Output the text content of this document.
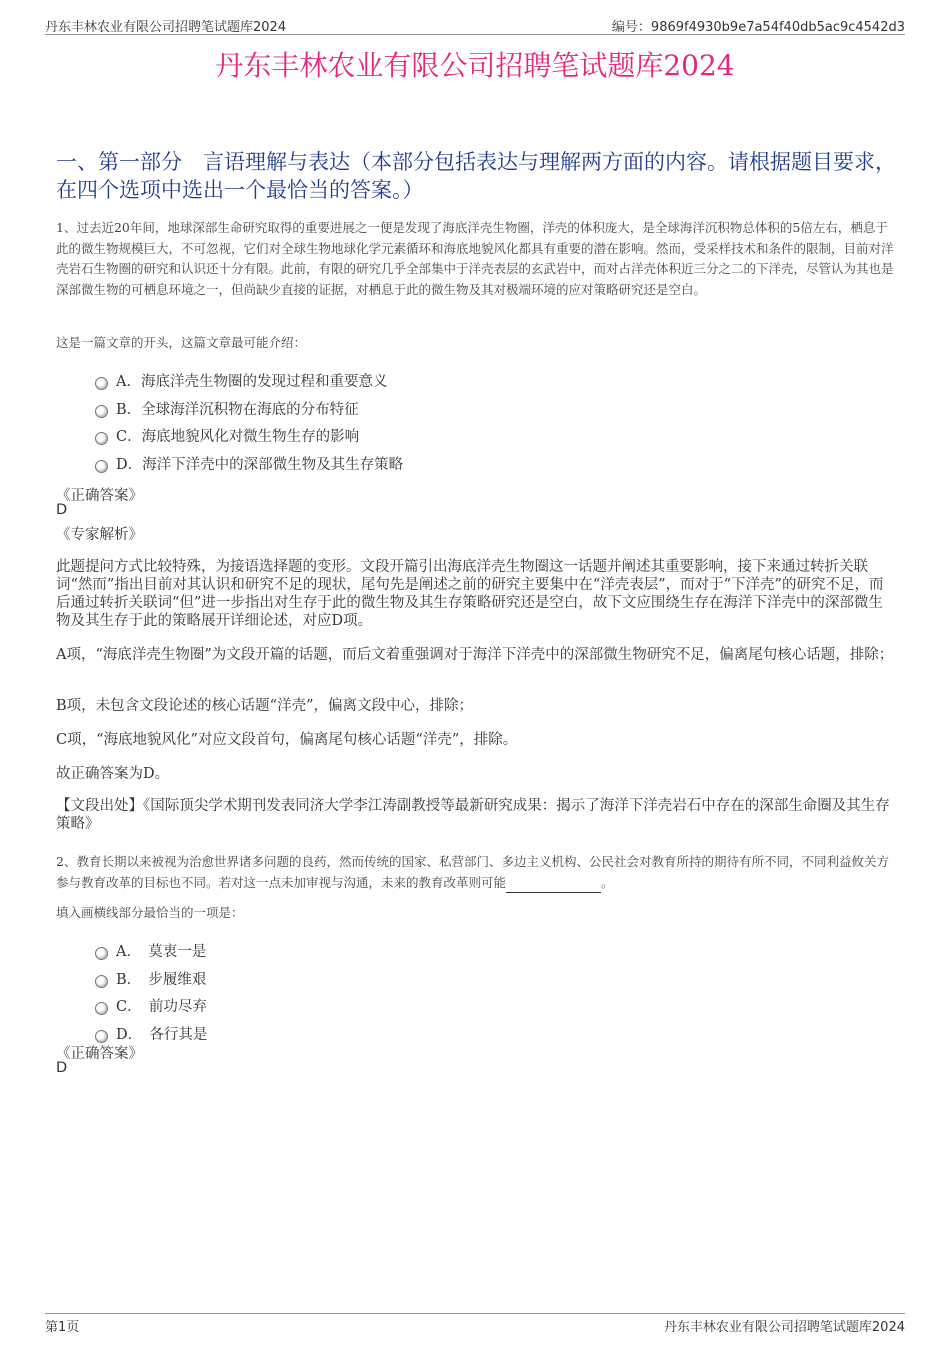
丹东丰林农业有限公司招聘笔试题库2024	编号：9869f4930b9e7a54f40db5ac9c4542d3
丹东丰林农业有限公司招聘笔试题库2024
一、第一部分　言语理解与表达（本部分包括表达与理解两方面的内容。请根据题目要求，在四个选项中选出一个最恰当的答案。）
1、过去近20年间，地球深部生命研究取得的重要进展之一便是发现了海底洋壳生物圈，洋壳的体积庞大，是全球海洋沉积物总体积的5倍左右，栖息于此的微生物规模巨大，不可忽视，它们对全球生物地球化学元素循环和海底地貌风化都具有重要的潜在影响。然而，受采样技术和条件的限制，目前对洋壳岩石生物圈的研究和认识还十分有限。此前，有限的研究几乎全部集中于洋壳表层的玄武岩中，而对占洋壳体积近三分之二的下洋壳，尽管认为其也是深部微生物的可栖息环境之一，但尚缺少直接的证据，对栖息于此的微生物及其对极端环境的应对策略研究还是空白。
这是一篇文章的开头，这篇文章最可能介绍：
A．海底洋壳生物圈的发现过程和重要意义
B．全球海洋沉积物在海底的分布特征
C．海底地貌风化对微生物生存的影响
D．海洋下洋壳中的深部微生物及其生存策略
《正确答案》
D
《专家解析》
此题提问方式比较特殊，为接语选择题的变形。文段开篇引出海底洋壳生物圈这一话题并阐述其重要影响，接下来通过转折关联词“然而”指出目前对其认识和研究不足的现状，尾句先是阐述之前的研究主要集中在“洋壳表层”，而对于“下洋壳”的研究不足，而后通过转折关联词“但”进一步指出对生存于此的微生物及其生存策略研究还是空白，故下文应围绕生存在海洋下洋壳中的深部微生物及其生存于此的策略展开详细论述，对应D项。
A项，“海底洋壳生物圈”为文段开篇的话题，而后文着重强调对于海洋下洋壳中的深部微生物研究不足，偏离尾句核心话题，排除；
B项，未包含文段论述的核心话题“洋壳”，偏离文段中心，排除；
C项，“海底地貌风化”对应文段首句，偏离尾句核心话题“洋壳”，排除。
故正确答案为D。
【文段出处】《国际顶尖学术期刊发表同济大学李江涛副教授等最新研究成果：揭示了海洋下洋壳岩石中存在的深部生命圈及其生存策略》
2、教育长期以来被视为治愈世界诸多问题的良药，然而传统的国家、私营部门、多边主义机构、公民社会对教育所持的期待有所不同，不同利益攸关方参与教育改革的目标也不同。若对这一点未加审视与沟通，未来的教育改革则可能	。
填入画横线部分最恰当的一项是：
A．　莫衷一是
B．　步履维艰
C．　前功尽弃
D．　各行其是
《正确答案》
D
第1页	丹东丰林农业有限公司招聘笔试题库2024
